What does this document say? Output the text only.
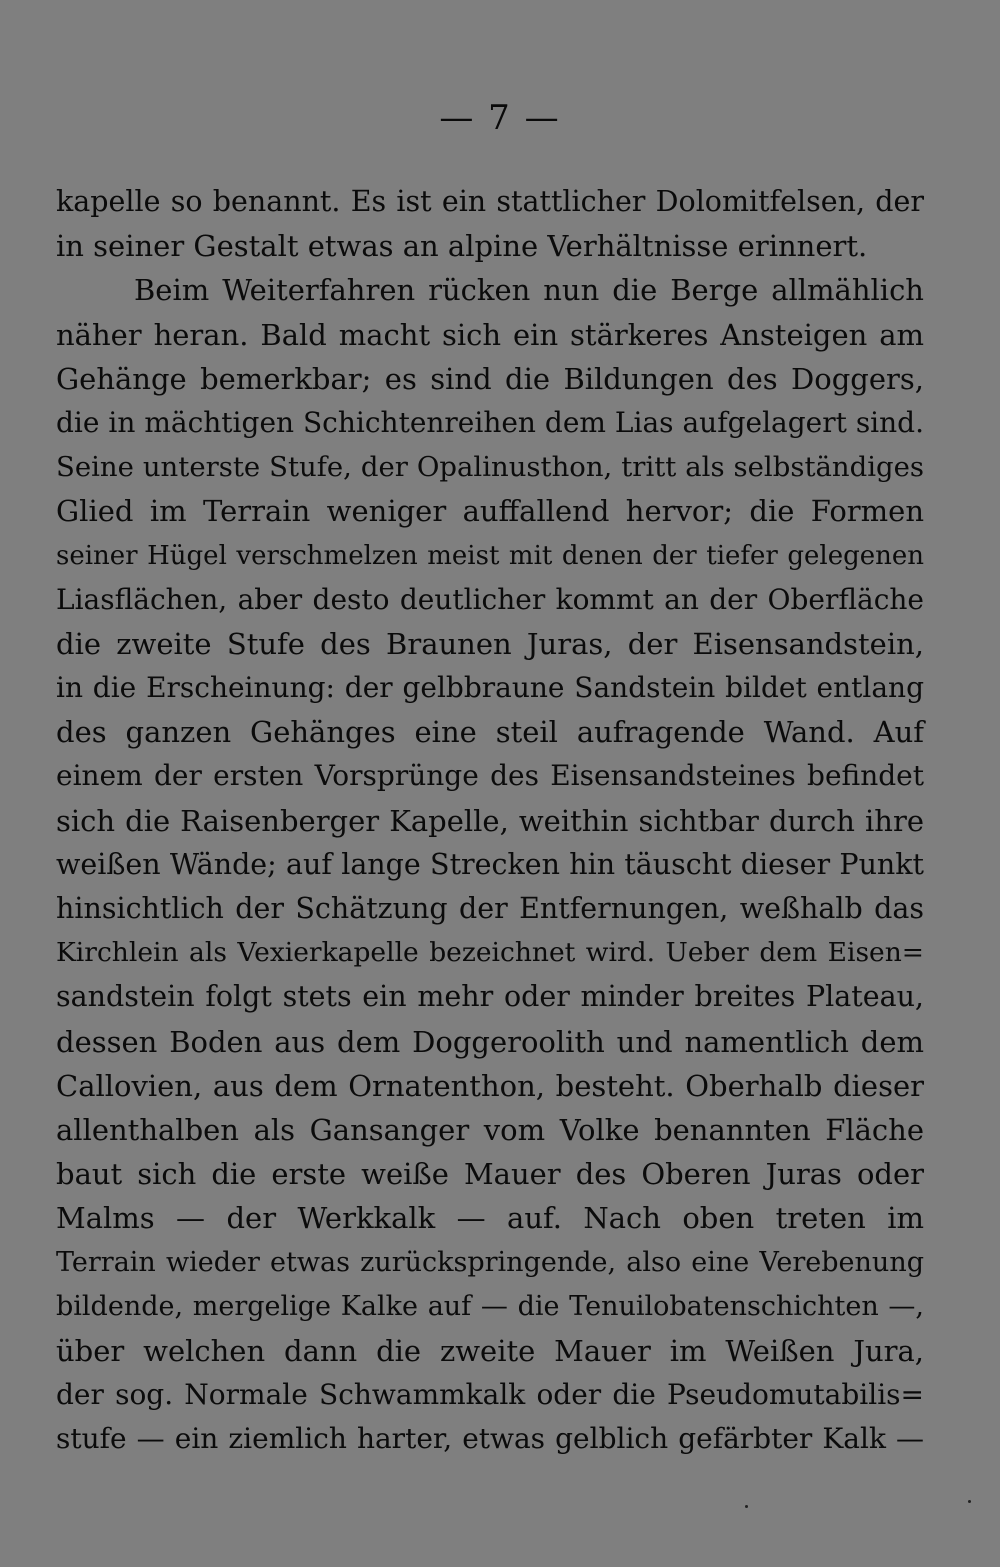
— 7 —
kapelle so benannt. Es ist ein stattlicher Dolomitfelsen, der
in seiner Gestalt etwas an alpine Verhältnisse erinnert.
Beim Weiterfahren rücken nun die Berge allmählich
näher heran. Bald macht sich ein stärkeres Ansteigen am
Gehänge bemerkbar; es sind die Bildungen des Doggers,
die in mächtigen Schichtenreihen dem Lias aufgelagert sind.
Seine unterste Stufe, der Opalinusthon, tritt als selbständiges
Glied im Terrain weniger auffallend hervor; die Formen
seiner Hügel verschmelzen meist mit denen der tiefer gelegenen
Liasflächen, aber desto deutlicher kommt an der Oberfläche
die zweite Stufe des Braunen Juras, der Eisensandstein,
in die Erscheinung: der gelbbraune Sandstein bildet entlang
des ganzen Gehänges eine steil aufragende Wand. Auf
einem der ersten Vorsprünge des Eisensandsteines befindet
sich die Raisenberger Kapelle, weithin sichtbar durch ihre
weißen Wände; auf lange Strecken hin täuscht dieser Punkt
hinsichtlich der Schätzung der Entfernungen, weßhalb das
Kirchlein als Vexierkapelle bezeichnet wird. Ueber dem Eisen=
sandstein folgt stets ein mehr oder minder breites Plateau,
dessen Boden aus dem Doggeroolith und namentlich dem
Callovien, aus dem Ornatenthon, besteht. Oberhalb dieser
allenthalben als Gansanger vom Volke benannten Fläche
baut sich die erste weiße Mauer des Oberen Juras oder
Malms — der Werkkalk — auf. Nach oben treten im
Terrain wieder etwas zurückspringende, also eine Verebenung
bildende, mergelige Kalke auf — die Tenuilobatenschichten —,
über welchen dann die zweite Mauer im Weißen Jura,
der sog. Normale Schwammkalk oder die Pseudomutabilis=
stufe — ein ziemlich harter, etwas gelblich gefärbter Kalk —
